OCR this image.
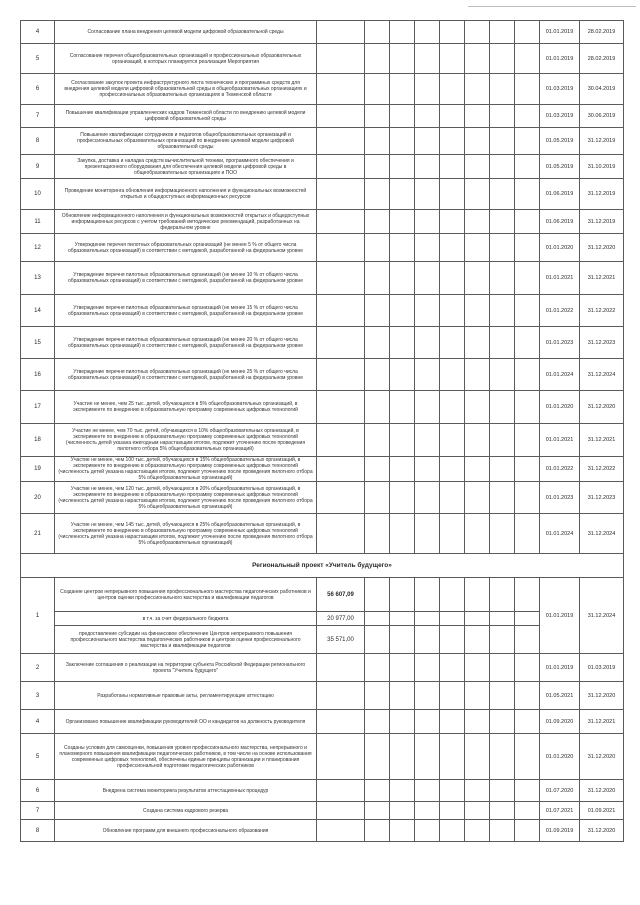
4	Согласование плана внедрения целевой модели цифровой образовательной среды									01.01.2019	28.02.2019
5	Согласование перечня общеобразовательных организаций и профессиональных образовательных организаций, в которых планируется реализация Мероприятия									01.01.2019	28.02.2019
6	Согласование закупок проекта инфраструктурного листа технических и программных средств для внедрения целевой модели цифровой образовательной среды в общеобразовательных организациях и профессиональных образовательных организациях в Тюменской области									01.03.2019	30.04.2019
7	Повышение квалификации управленческих кадров Тюменской области по внедрению целевой модели цифровой образовательной среды									01.03.2019	30.06.2019
8	Повышение квалификации сотрудников и педагогов общеобразовательных организаций и профессиональных образовательных организаций по внедрению целевой модели цифровой образовательной среды									01.05.2019	31.12.2019
9	Закупка, доставка и наладка средств вычислительной техники, программного обеспечения и презентационного оборудования для обеспечения целевой модели цифровой среды в общеобразовательных организациях и ПОО									01.05.2019	31.10.2019
10	Проведение мониторинга обновления информационного наполнения и функциональных возможностей открытых и общедоступных информационных ресурсов									01.06.2019	31.12.2019
11	Обновление информационного наполнения и функциональных возможностей открытых и общедоступных информационных ресурсов с учетом требований методических рекомендаций, разработанных на федеральном уровне									01.06.2019	31.12.2019
12	Утверждение перечня пилотных образовательных организаций (не менее 5 % от общего числа образовательных организаций) в соответствии с методикой, разработанной на федеральном уровне									01.01.2020	31.12.2020
13	Утверждение перечня пилотных образовательных организаций (не менее 10 % от общего числа образовательных организаций) в соответствии с методикой, разработанной на федеральном уровне									01.01.2021	31.12.2021
14	Утверждение перечня пилотных образовательных организаций (не менее 15 % от общего числа образовательных организаций) в соответствии с методикой, разработанной на федеральном уровне									01.01.2022	31.12.2022
15	Утверждение перечня пилотных образовательных организаций (не менее 20 % от общего числа образовательных организаций) в соответствии с методикой, разработанной на федеральном уровне									01.01.2023	31.12.2023
16	Утверждение перечня пилотных образовательных организаций (не менее 25 % от общего числа образовательных организаций) в соответствии с методикой, разработанной на федеральном уровне									01.01.2024	31.12.2024
17	Участие не менее, чем 25 тыс. детей, обучающихся в 5% общеобразовательных организаций, в эксперименте по внедрению в образовательную программу современных цифровых технологий									01.01.2020	31.12.2020
18	Участие не менее, чем 70 тыс. детей, обучающихся в 10% общеобразовательных организаций, в эксперименте по внедрению в образовательную программу современных цифровых технологий (численность детей указана ежегодным нарастающим итогом, подлежит уточнению после проведения пилотного отбора 5% общеобразовательных организаций)									01.01.2021	31.12.2021
19	Участие не менее, чем 100 тыс. детей, обучающихся в 15% общеобразовательных организаций, в эксперименте по внедрению в образовательную программу современных цифровых технологий (численность детей указана нарастающим итогом, подлежит уточнению после проведения пилотного отбора 5% общеобразовательных организаций)									01.01.2022	31.12.2022
20	Участие не менее, чем 120 тыс. детей, обучающихся в 20% общеобразовательных организаций, в эксперименте по внедрению в образовательную программу современных цифровых технологий (численность детей указана нарастающим итогом, подлежит уточнению после проведения пилотного отбора 5% общеобразовательных организаций)									01.01.2023	31.12.2023
21	Участие не менее, чем 145 тыс. детей, обучающихся в 25% общеобразовательных организаций, в эксперименте по внедрению в образовательную программу современных цифровых технологий (численность детей указана нарастающим итогом, подлежит уточнению после проведения пилотного отбора 5% общеобразовательных организаций)									01.01.2024	31.12.2024
Региональный проект «Учитель будущего»											
1	Создание центров непрерывного повышения профессионального мастерства педагогических работников и центров оценки профессионального мастерства и квалификации педагогов	56 607,09								01.01.2019	31.12.2024
	в т.ч. за счет федерального бюджета	20 977,00									
	предоставление субсидии на финансовое обеспечение Центров непрерывного повышения профессионального мастерства педагогических работников и центров оценки профессионального мастерства и квалификации педагогов	35 571,00									
2	Заключение соглашения о реализации на территории субъекта Российской Федерации регионального проекта "Учитель будущего"									01.01.2019	01.03.2019
3	Разработаны нормативные правовые акты, регламентирующие аттестацию									01.05.2021	31.12.2020
4	Организовано повышение квалификации руководителей ОО и кандидатов на должность руководителя									01.09.2020	31.12.2021
5	Созданы условия для самооценки, повышения уровня профессионального мастерства, непрерывного и планомерного повышения квалификации педагогических работников, в том числе на основе использования современных цифровых технологий, обеспечены единые принципы организации и планирования профессиональной подготовки педагогических работников									01.01.2020	31.12.2020
6	Внедрена система мониторинга результатов аттестационных процедур									01.07.2020	31.12.2020
7	Создана система кадрового резерва									01.07.2021	01.09.2021
8	Обновление программ для внешнего профессионального образования									01.09.2019	31.12.2020
